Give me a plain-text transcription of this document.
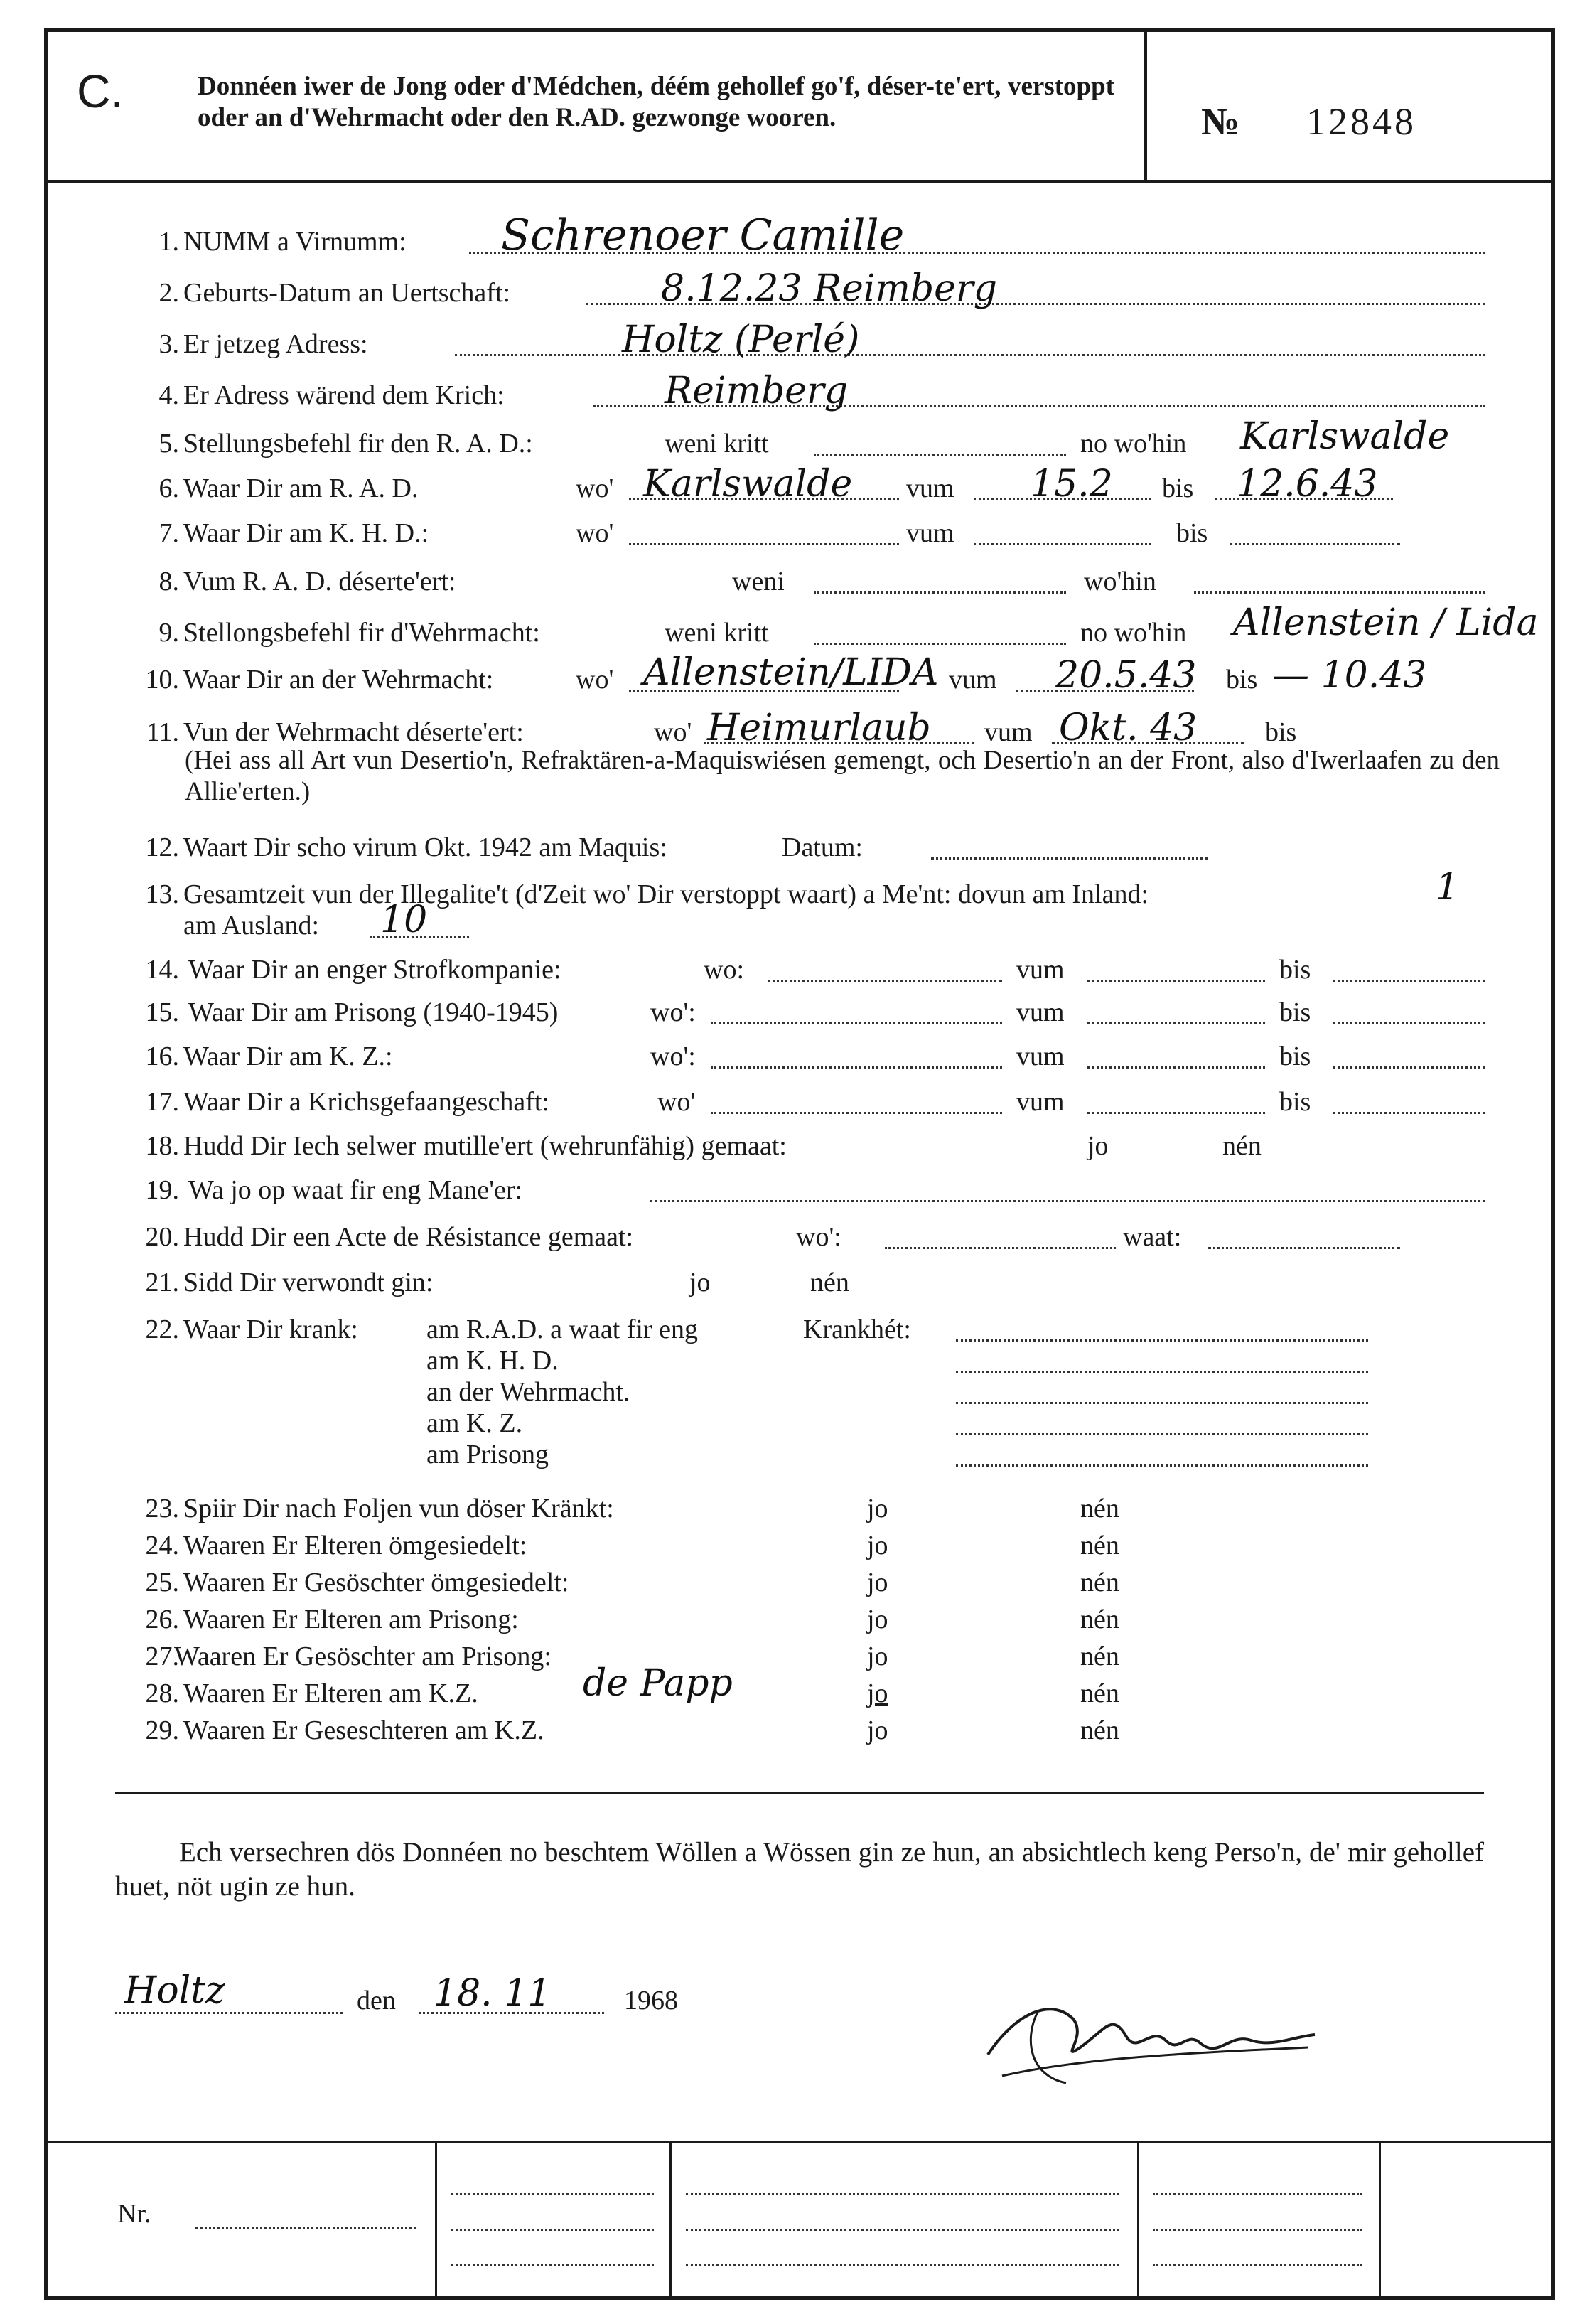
C.	Donnéen iwer de Jong oder d'Médchen, déém gehollef go'f, déser-te'ert, verstoppt oder an d'Wehrmacht oder den R.AD. gezwonge wooren.	№ 12848
1. NUMM a Virnumm: Schrenoer Camille
2. Geburts-Datum an Uertschaft:	8.12.23 Reimberg
3. Er jetzeg Adress:	Holtz (Perlé)
4. Er Adress wärend dem Krich:	Reimberg
5. Stellungsbefehl fir den R. A. D.:	weni kritt	no wo'hin Karlswalde
6. Waar Dir am R. A. D.	wo' Karlswalde vum 15.2 bis 12.6.43
7. Waar Dir am K. H. D.:	wo'	vum	bis
8. Vum R. A. D. déserte'ert:	weni	wo'hin
9. Stellongsbefehl fir d'Wehrmacht:	weni kritt	no wo'hin Allenstein / Lida
10. Waar Dir an der Wehrmacht:	wo' Allenstein/LIDA vum 20.5.43 bis — 10.43
11. Vun der Wehrmacht déserte'ert:	wo' Heimurlaub vum Okt. 43	bis
(Hei ass all Art vun Desertio'n, Refraktären-a-Maquiswiésen gemengt, och Desertio'n an der Front, also d'Iwerlaafen zu den Allie'erten.)
12. Waart Dir scho virum Okt. 1942 am Maquis:	Datum:
13. Gesamtzeit vun der Illegalite't (d'Zeit wo' Dir verstoppt waart) a Me'nt: dovun am Inland:	1
am Ausland: 10
14. Waar Dir an enger Strofkompanie:	wo:	vum	bis
15. Waar Dir am Prisong (1940-1945)	wo':	vum	bis
16. Waar Dir am K. Z.:	wo':	vum	bis
17. Waar Dir a Krichsgefaangeschaft:	wo'	vum	bis
18. Hudd Dir Iech selwer mutille'ert (wehrunfähig) gemaat:	jo	nén
19. Wa jo op waat fir eng Mane'er:
20. Hudd Dir een Acte de Résistance gemaat:	wo':	waat:
21. Sidd Dir verwondt gin:	jo	nén
22. Waar Dir krank:	am R.A.D. a waat fir eng	Krankhét:
am K. H. D.
an der Wehrmacht.
am K. Z.
am Prisong
23. Spiir Dir nach Foljen vun döser Kränkt:	jo	nén
24. Waaren Er Elteren ömgesiedelt:	jo	nén
25. Waaren Er Gesöschter ömgesiedelt:	jo	nén
26. Waaren Er Elteren am Prisong:	jo	nén
27.
Waaren Er Gesöschter am Prisong:	jo	nén
28. Waaren Er Elteren am K.Z.	de Papp	jo	nén
29. Waaren Er Geseschteren am K.Z.	jo	nén
Ech versechren dös Donnéen no beschtem Wöllen a Wössen gin ze hun, an absichtlech keng Perso'n, de' mir gehollef huet, nöt ugin ze hun.
Holtz	den 18. 11	1968
Nr.
